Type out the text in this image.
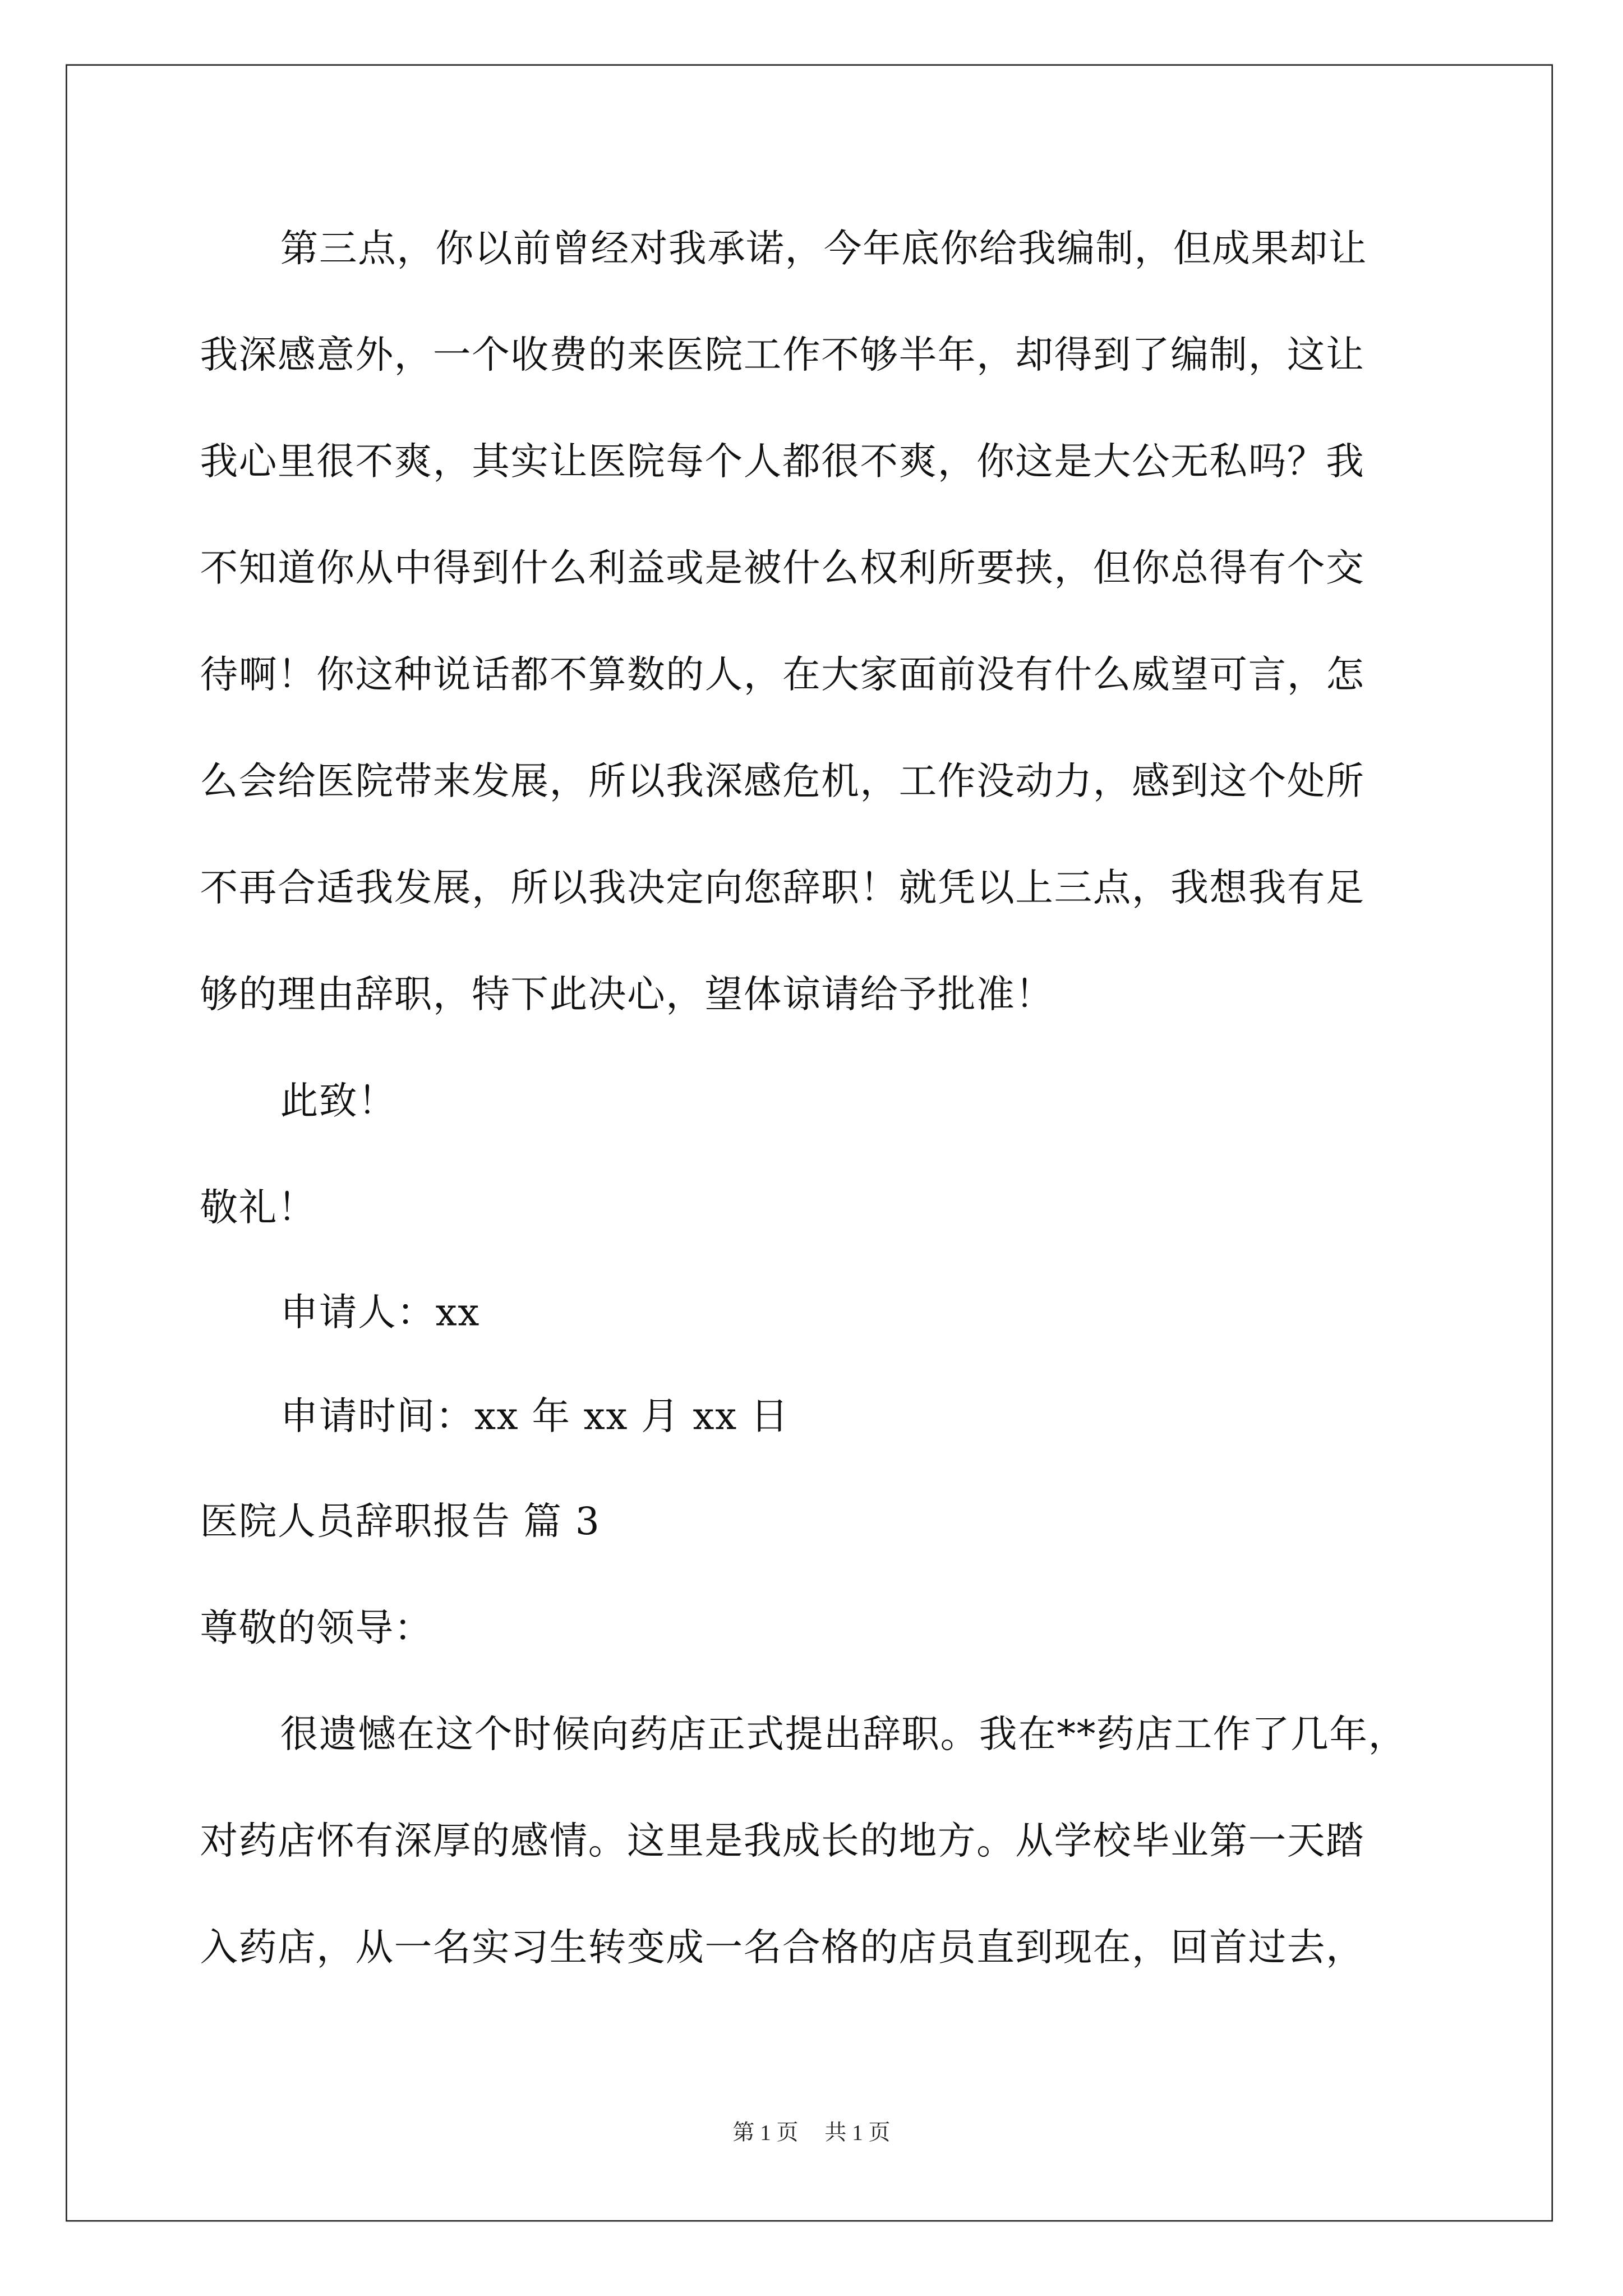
第三点，你以前曾经对我承诺，今年底你给我编制，但成果却让
我深感意外，一个收费的来医院工作不够半年，却得到了编制，这让
我心里很不爽，其实让医院每个人都很不爽，你这是大公无私吗？我
不知道你从中得到什么利益或是被什么权利所要挟，但你总得有个交
待啊！你这种说话都不算数的人，在大家面前没有什么威望可言，怎
么会给医院带来发展，所以我深感危机，工作没动力，感到这个处所
不再合适我发展，所以我决定向您辞职！就凭以上三点，我想我有足
够的理由辞职，特下此决心，望体谅请给予批准！
此致！
敬礼！
申请人：xx
申请时间：xx 年 xx 月 xx 日
医院人员辞职报告 篇 3
尊敬的领导：
很遗憾在这个时候向药店正式提出辞职。我在**药店工作了几年，
对药店怀有深厚的感情。这里是我成长的地方。从学校毕业第一天踏
入药店，从一名实习生转变成一名合格的店员直到现在，回首过去，
第 1 页	共 1 页
